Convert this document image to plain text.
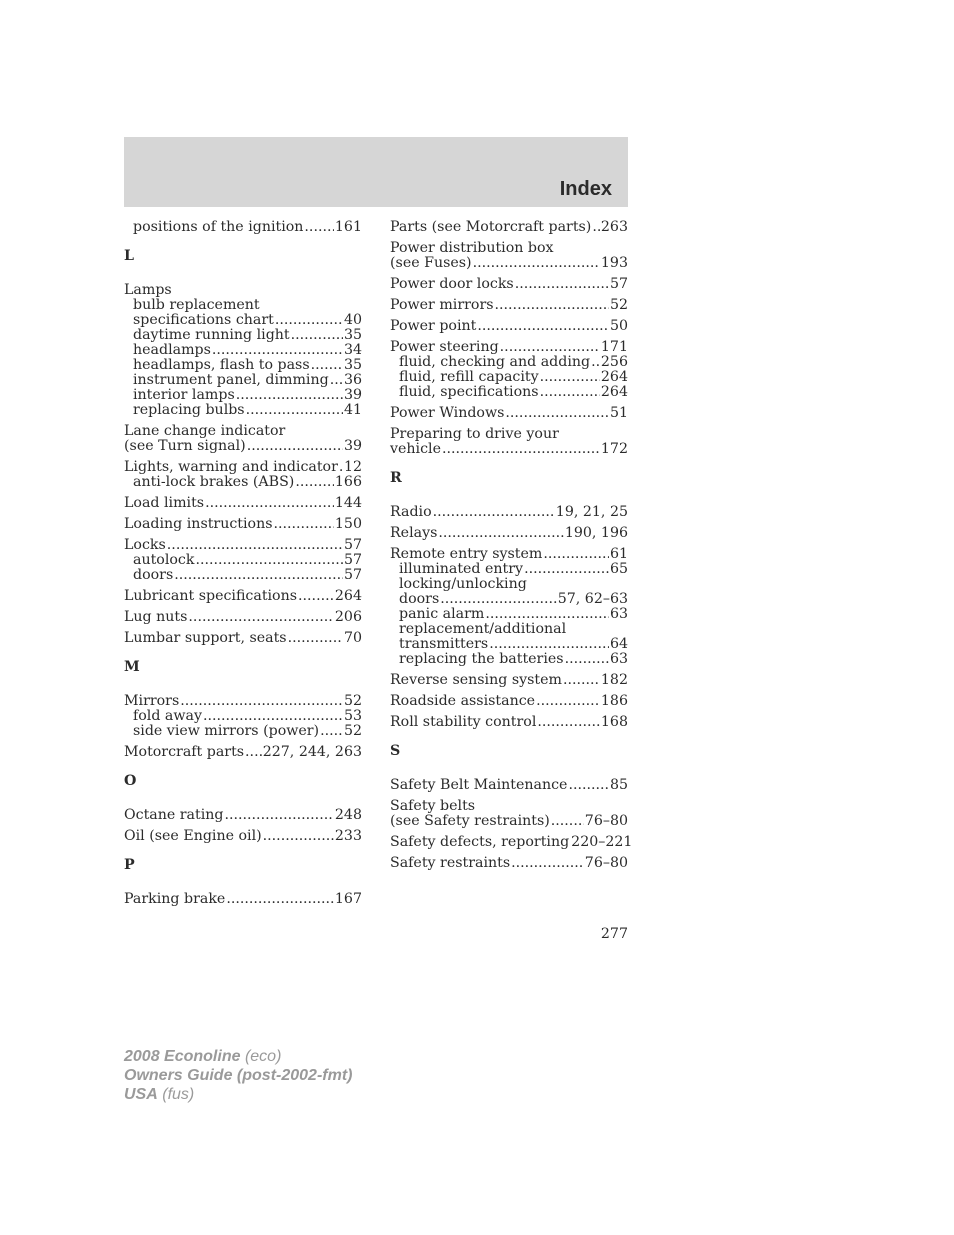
Index
positions of the ignition ..... 161
L
Lamps
bulb replacement
specifications chart .....	40
daytime running light .....	35
headlamps .....	34
headlamps, flash to pass ..... 35
instrument panel, dimming ..... 36
interior lamps .....	39
replacing bulbs .....	41
Lane change indicator
(see Turn signal) .....	39
Lights, warning and indicator ..... 12
anti-lock brakes (ABS) .....	166
Load limits .....	144
Loading instructions .....	150
Locks .....	57
autolock .....	57
doors .....	57
Lubricant specifications .....	264
Lug nuts .....	206
Lumbar support, seats .....	70
M
Mirrors .....	52
fold away .....	53
side view mirrors (power) ..... 52
Motorcraft parts ..... 227, 244, 263
O
Octane rating .....	248
Oil (see Engine oil) .....	233
P
Parking brake .....	167
Parts (see Motorcraft parts) ..... 263
Power distribution box
(see Fuses) .....	193
Power door locks .....	57
Power mirrors .....	52
Power point .....	50
Power steering .....	171
fluid, checking and adding ..... 256
fluid, refill capacity .....	264
fluid, specifications .....	264
Power Windows .....	51
Preparing to drive your
vehicle .....	172
R
Radio .....	19, 21, 25
Relays .....	190, 196
Remote entry system .....	61
illuminated entry .....	65
locking/unlocking
doors .....	57, 62–63
panic alarm .....	63
replacement/additional
transmitters .....	64
replacing the batteries .....	63
Reverse sensing system .....	182
Roadside assistance .....	186
Roll stability control .....	168
S
Safety Belt Maintenance .....	85
Safety belts
(see Safety restraints) ..... 76–80
Safety defects, reporting 220–221
Safety restraints .....	76–80
277
2008 Econoline (eco)
Owners Guide (post-2002-fmt)
USA (fus)
